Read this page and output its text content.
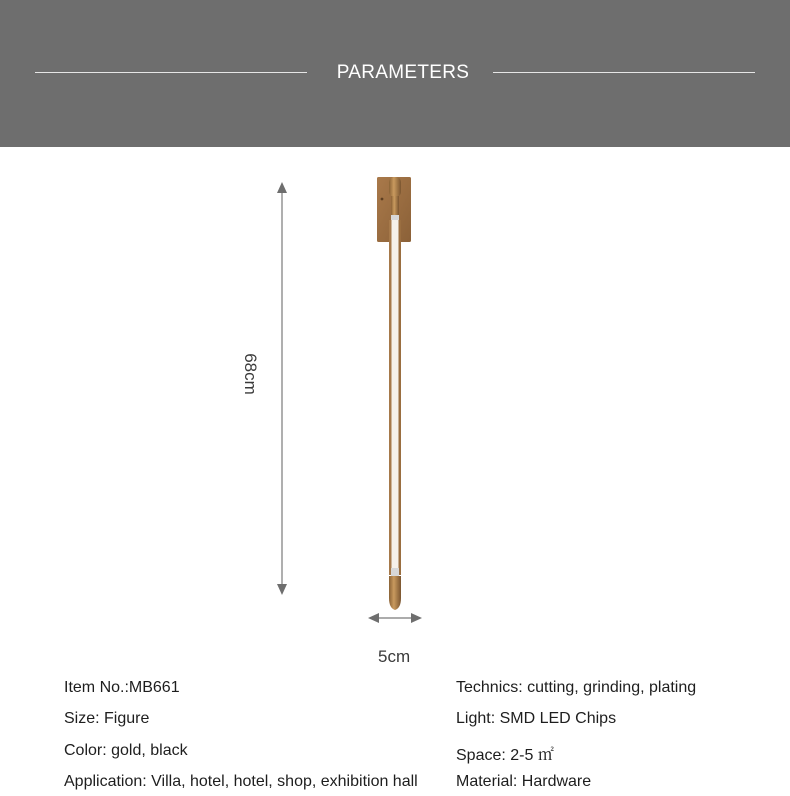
PARAMETERS
68cm
5cm
Item No.:MB661
Size: Figure
Color: gold, black
Application: Villa, hotel, hotel, shop, exhibition hall
Technics: cutting, grinding, plating
Light: SMD LED Chips
Space: 2-5 ㎡
Material: Hardware
